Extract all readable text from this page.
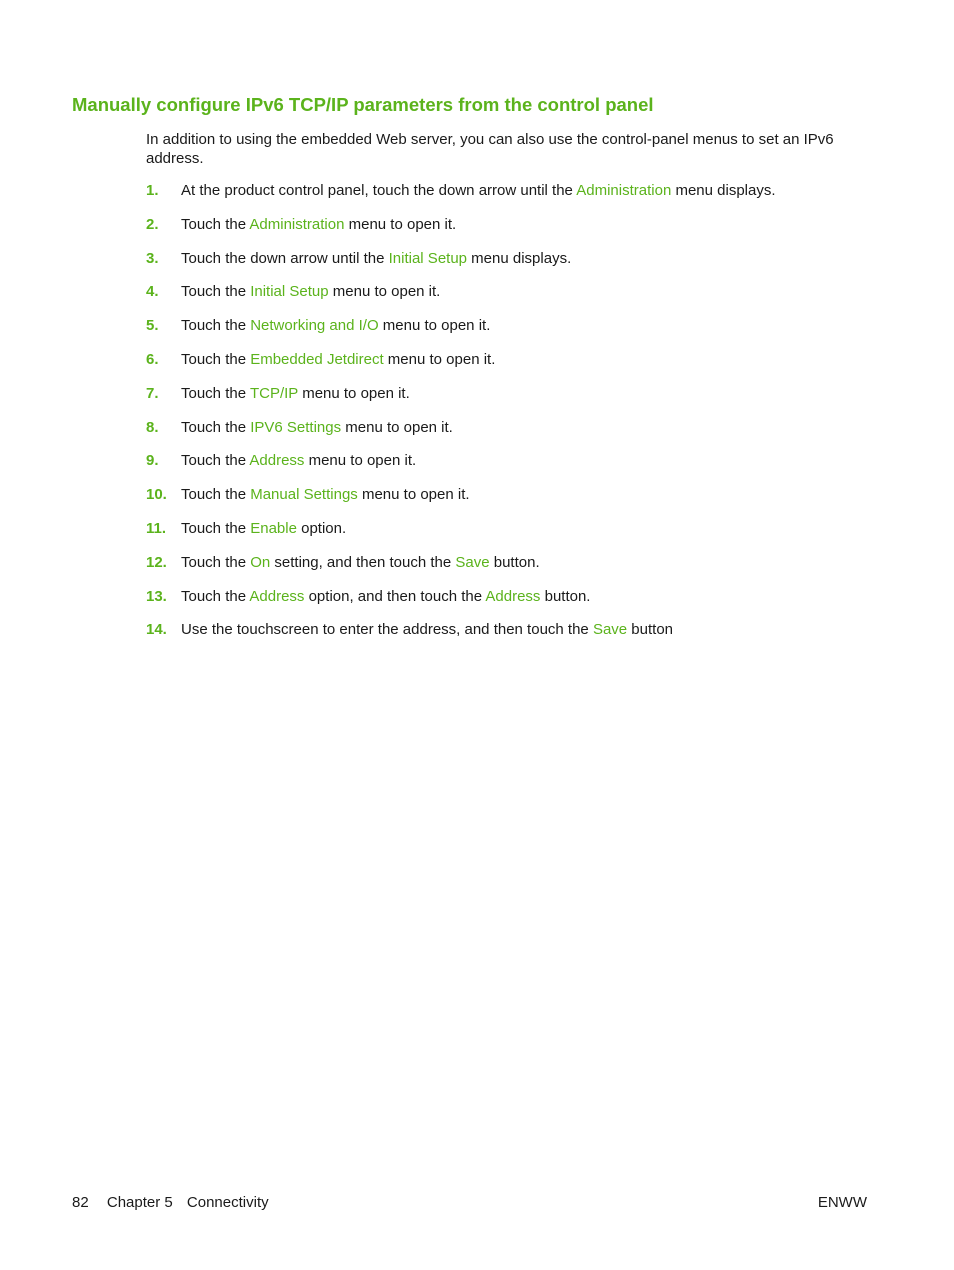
Manually configure IPv6 TCP/IP parameters from the control panel

In addition to using the embedded Web server, you can also use the control-panel menus to set an IPv6 address.

1.	At the product control panel, touch the down arrow until the Administration menu displays.
2.	Touch the Administration menu to open it.
3.	Touch the down arrow until the Initial Setup menu displays.
4.	Touch the Initial Setup menu to open it.
5.	Touch the Networking and I/O menu to open it.
6.	Touch the Embedded Jetdirect menu to open it.
7.	Touch the TCP/IP menu to open it.
8.	Touch the IPV6 Settings menu to open it.
9.	Touch the Address menu to open it.
10. Touch the Manual Settings menu to open it.
11. Touch the Enable option.
12. Touch the On setting, and then touch the Save button.
13. Touch the Address option, and then touch the Address button.
14. Use the touchscreen to enter the address, and then touch the Save button
82 Chapter 5 Connectivity	ENWW
